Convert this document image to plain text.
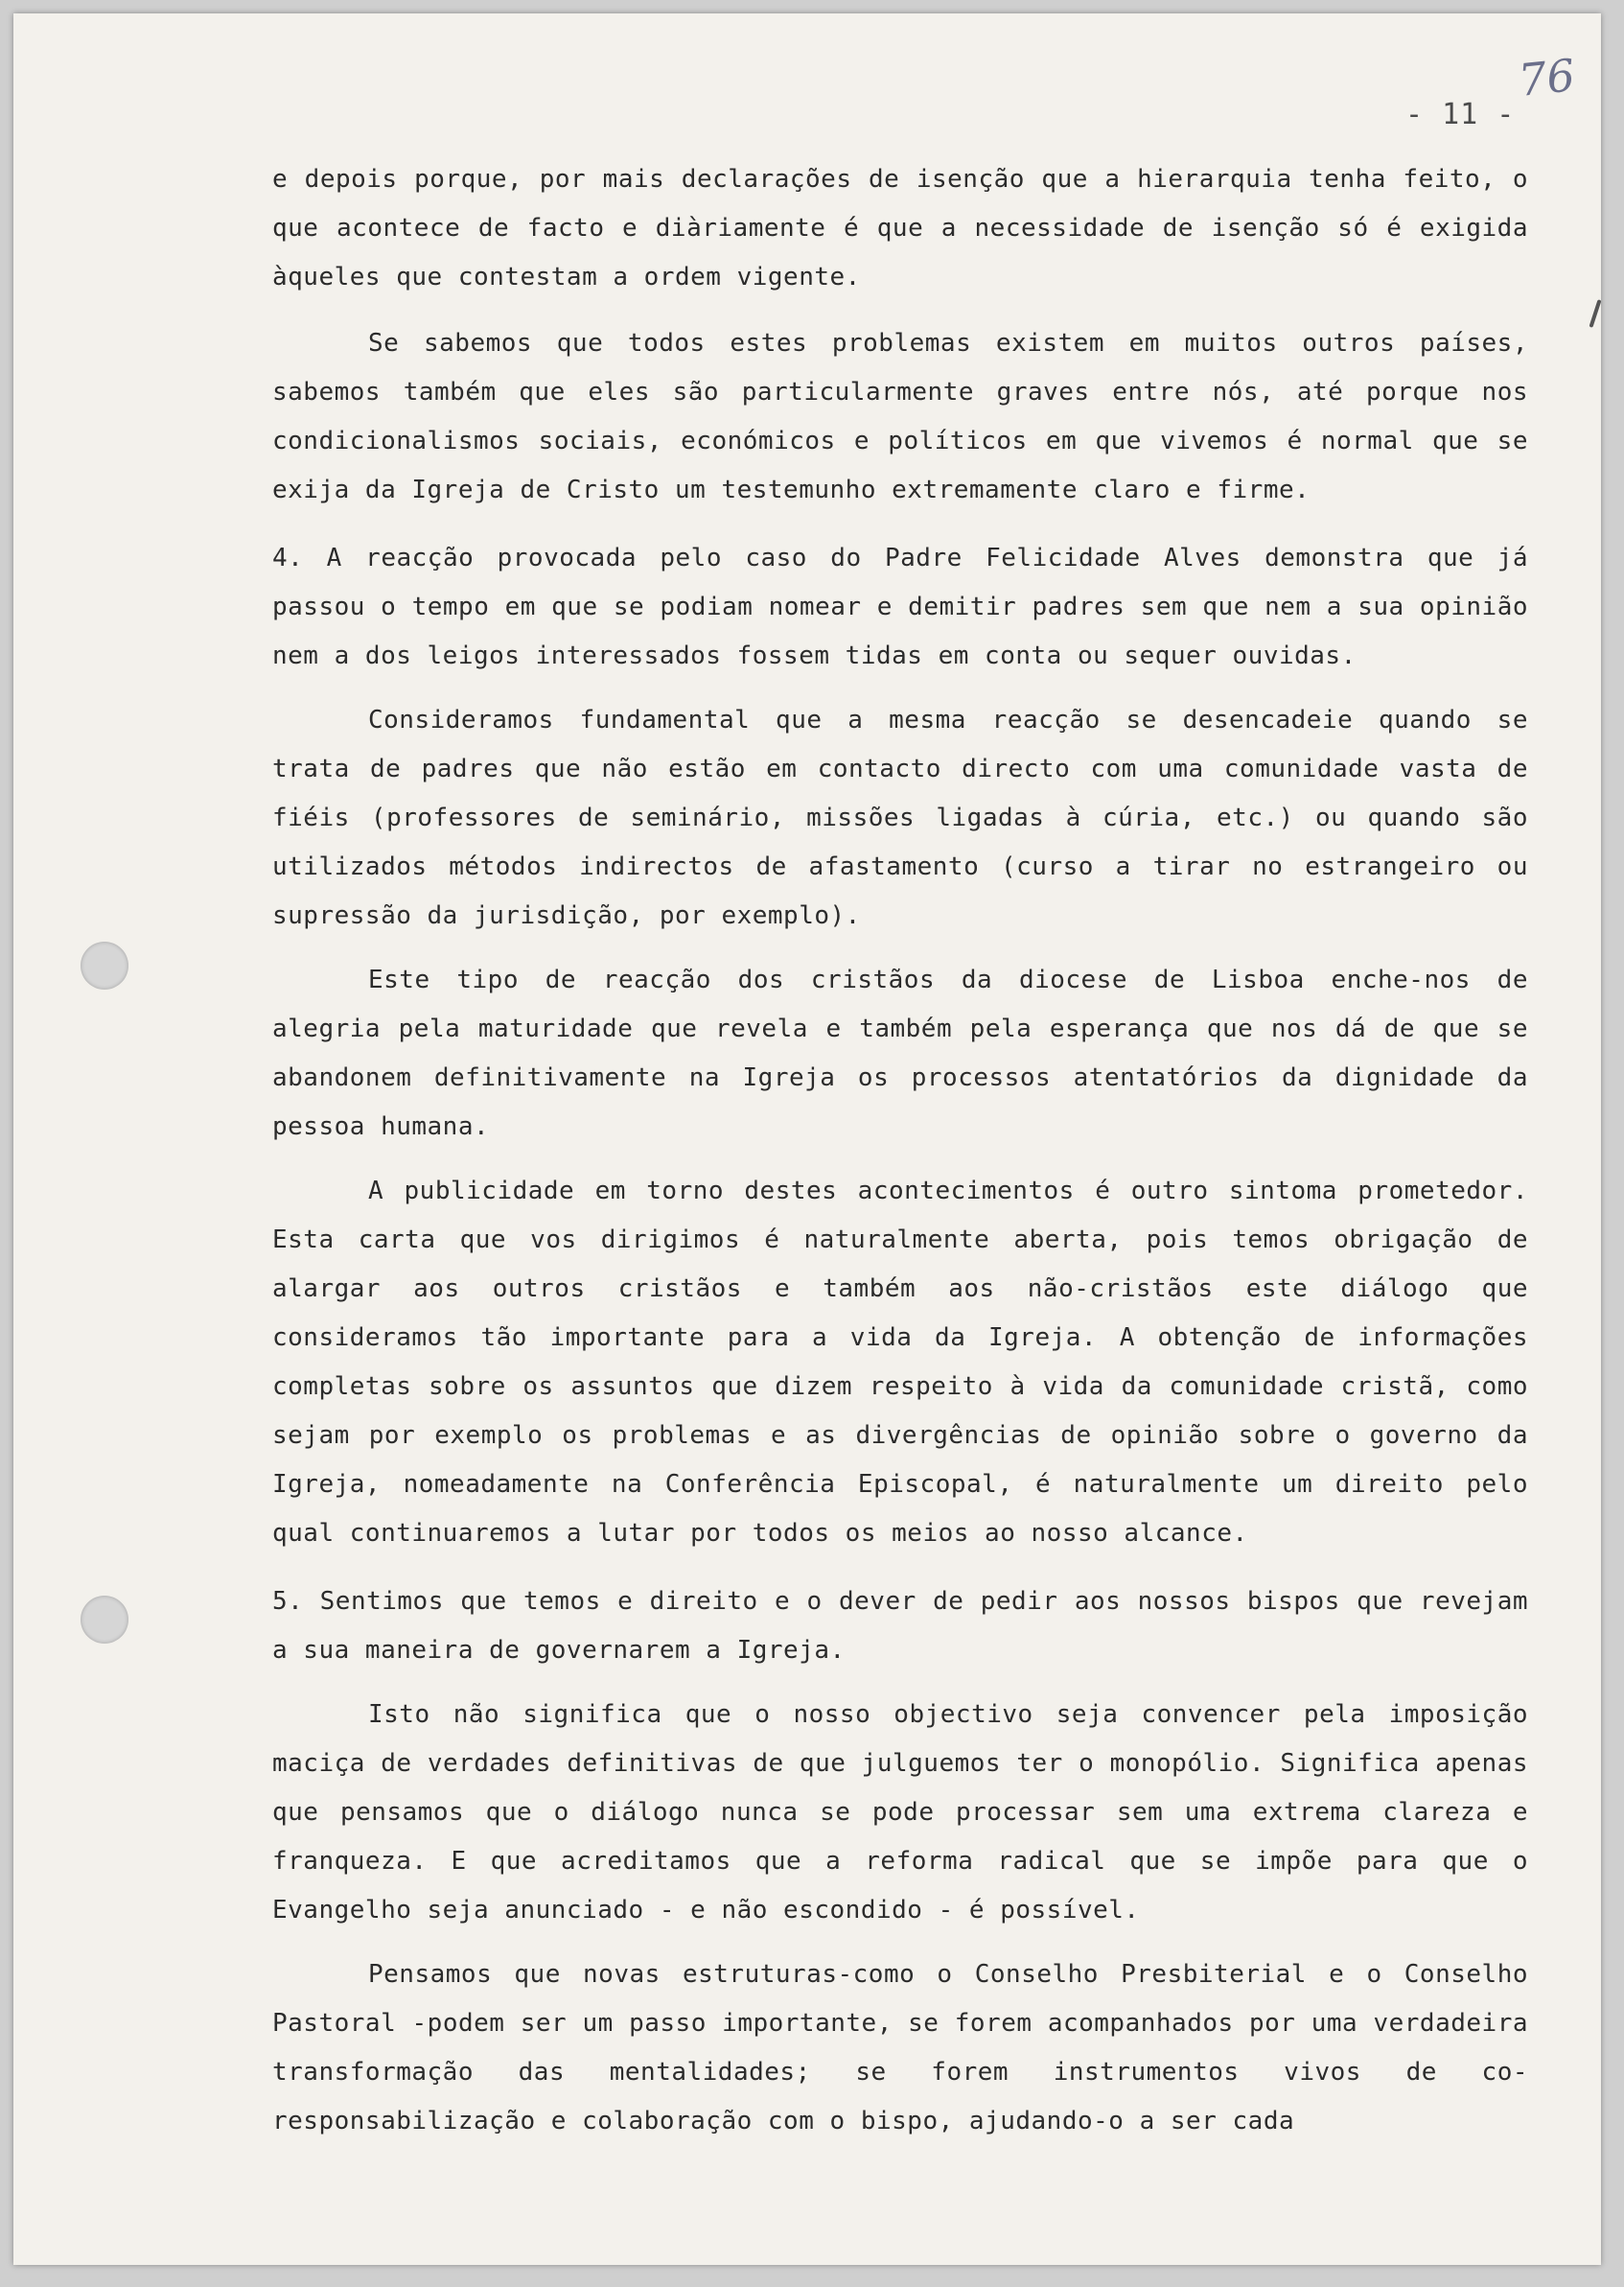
- 11 -
76

e depois porque, por mais declarações de isenção que a hierarquia tenha feito, o que acontece de facto e diàriamente é que a necessidade de isenção só é exigida àqueles que contestam a ordem vigente.

Se sabemos que todos estes problemas existem em muitos outros países, sabemos também que eles são particularmente graves entre nós, até porque nos condicionalismos sociais, económicos e políticos em que vivemos é normal que se exija da Igreja de Cristo um testemunho extremamente claro e firme.

4. A reacção provocada pelo caso do Padre Felicidade Alves demonstra que já passou o tempo em que se podiam nomear e demitir padres sem que nem a sua opinião nem a dos leigos interessados fossem tidas em conta ou sequer ouvidas.

Consideramos fundamental que a mesma reacção se desencadeie quando se trata de padres que não estão em contacto directo com uma comunidade vasta de fiéis (professores de seminário, missões ligadas à cúria, etc.) ou quando são utilizados métodos indirectos de afastamento (curso a tirar no estrangeiro ou supressão da jurisdição, por exemplo).

Este tipo de reacção dos cristãos da diocese de Lisboa enche-nos de alegria pela maturidade que revela e também pela esperança que nos dá de que se abandonem definitivamente na Igreja os processos atentatórios da dignidade da pessoa humana.

A publicidade em torno destes acontecimentos é outro sintoma prometedor. Esta carta que vos dirigimos é naturalmente aberta, pois temos obrigação de alargar aos outros cristãos e também aos não-cristãos este diálogo que consideramos tão importante para a vida da Igreja. A obtenção de informações completas sobre os assuntos que dizem respeito à vida da comunidade cristã, como sejam por exemplo os problemas e as divergências de opinião sobre o governo da Igreja, nomeadamente na Conferência Episcopal, é naturalmente um direito pelo qual continuaremos a lutar por todos os meios ao nosso alcance.

5. Sentimos que temos e direito e o dever de pedir aos nossos bispos que revejam a sua maneira de governarem a Igreja.

Isto não significa que o nosso objectivo seja convencer pela imposição maciça de verdades definitivas de que julguemos ter o monopólio. Significa apenas que pensamos que o diálogo nunca se pode processar sem uma extrema clareza e franqueza. E que acreditamos que a reforma radical que se impõe para que o Evangelho seja anunciado - e não escondido - é possível.

Pensamos que novas estruturas-como o Conselho Presbiterial e o Conselho Pastoral -podem ser um passo importante, se forem acompanhados por uma verdadeira transformação das mentalidades; se forem instrumentos vivos de co-responsabilização e colaboração com o bispo, ajudando-o a ser cada
